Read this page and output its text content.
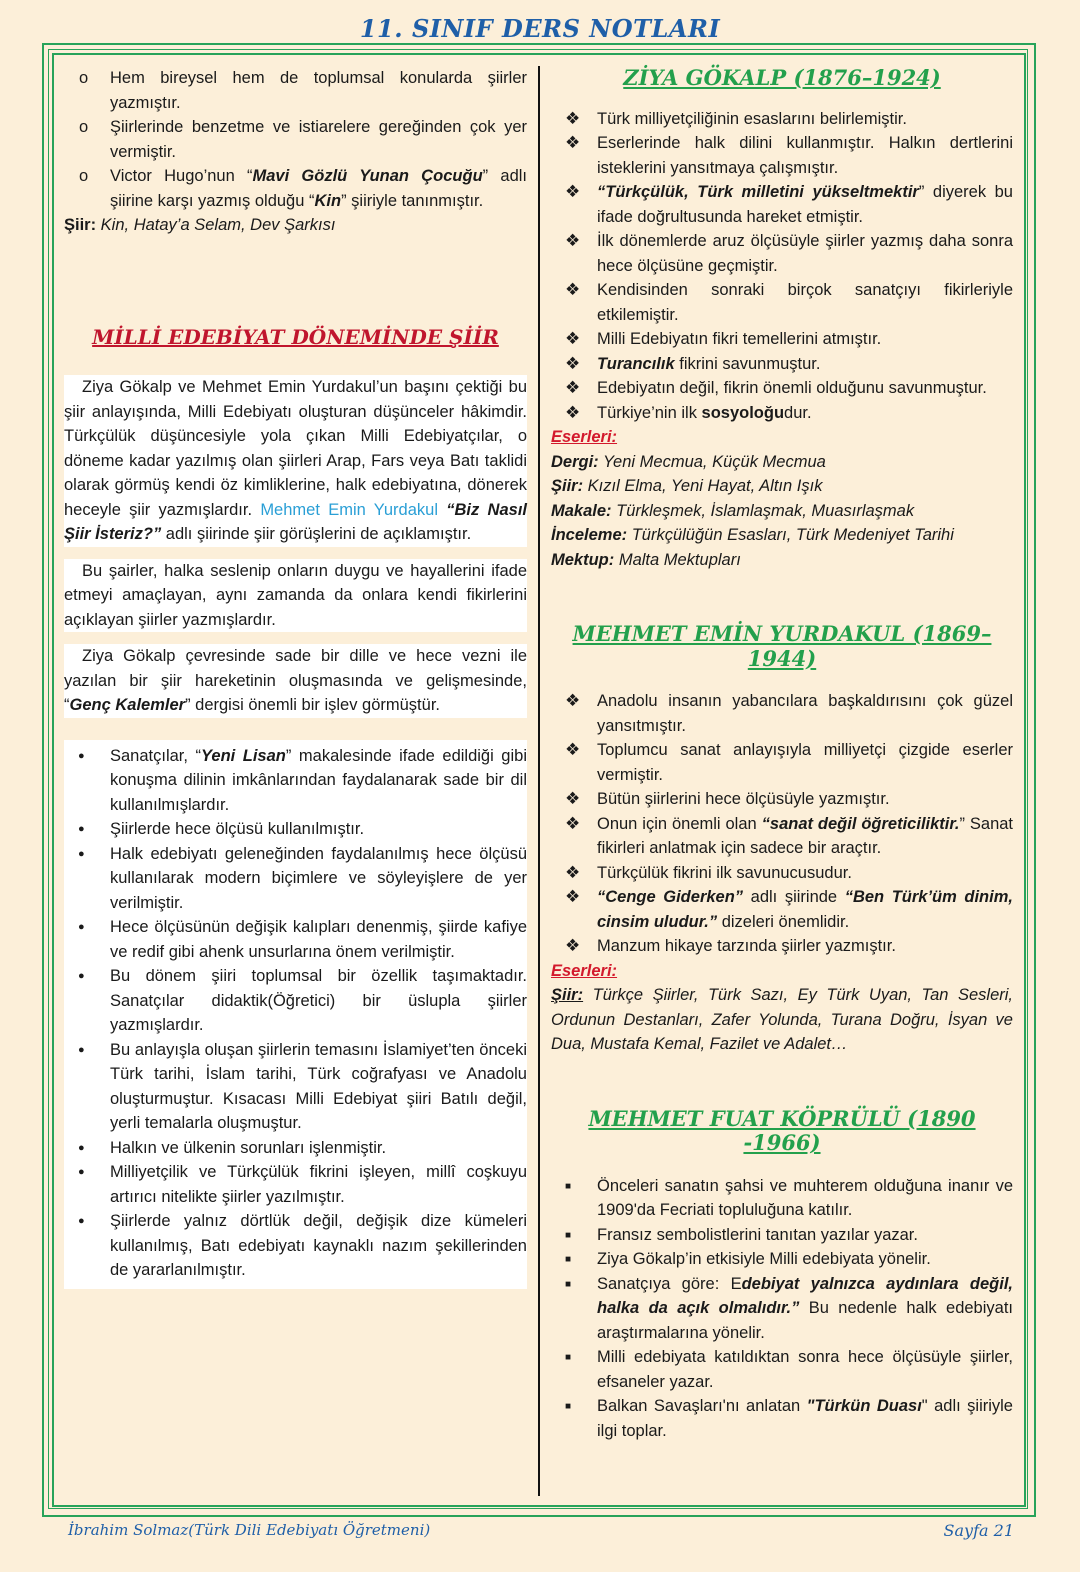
11. SINIF DERS NOTLARI
o Hem bireysel hem de toplumsal konularda şiirler yazmıştır.
o Şiirlerinde benzetme ve istiarelere gereğinden çok yer vermiştir.
o Victor Hugo’nun “Mavi Gözlü Yunan Çocuğu” adlı şiirine karşı yazmış olduğu “Kin” şiiriyle tanınmıştır.

Şiir: Kin, Hatay’a Selam, Dev Şarkısı

MİLLİ EDEBİYAT DÖNEMİNDE ŞİİR

Ziya Gökalp ve Mehmet Emin Yurdakul’un başını çektiği bu şiir anlayışında, Milli Edebiyatı oluşturan düşünceler hâkimdir. Türkçülük düşüncesiyle yola çıkan Milli Edebiyatçılar, o döneme kadar yazılmış olan şiirleri Arap, Fars veya Batı taklidi olarak görmüş kendi öz kimliklerine, halk edebiyatına, dönerek heceyle şiir yazmışlardır. Mehmet Emin Yurdakul “Biz Nasıl Şiir İsteriz?” adlı şiirinde şiir görüşlerini de açıklamıştır.

Bu şairler, halka seslenip onların duygu ve hayallerini ifade etmeyi amaçlayan, aynı zamanda da onlara kendi fikirlerini açıklayan şiirler yazmışlardır.

Ziya Gökalp çevresinde sade bir dille ve hece vezni ile yazılan bir şiir hareketinin oluşmasında ve gelişmesinde, “Genç Kalemler” dergisi önemli bir işlev görmüştür.

● Sanatçılar, “Yeni Lisan” makalesinde ifade edildiği gibi konuşma dilinin imkânlarından faydalanarak sade bir dil kullanılmışlardır.
● Şiirlerde hece ölçüsü kullanılmıştır.
● Halk edebiyatı geleneğinden faydalanılmış hece ölçüsü kullanılarak modern biçimlere ve söyleyişlere de yer verilmiştir.
● Hece ölçüsünün değişik kalıpları denenmiş, şiirde kafiye ve redif gibi ahenk unsurlarına önem verilmiştir.
● Bu dönem şiiri toplumsal bir özellik taşımaktadır. Sanatçılar didaktik(Öğretici) bir üslupla şiirler yazmışlardır.
● Bu anlayışla oluşan şiirlerin temasını İslamiyet’ten önceki Türk tarihi, İslam tarihi, Türk coğrafyası ve Anadolu oluşturmuştur. Kısacası Milli Edebiyat şiiri Batılı değil, yerli temalarla oluşmuştur.
● Halkın ve ülkenin sorunları işlenmiştir.
● Milliyetçilik ve Türkçülük fikrini işleyen, millî coşkuyu artırıcı nitelikte şiirler yazılmıştır.
● Şiirlerde yalnız dörtlük değil, değişik dize kümeleri kullanılmış, Batı edebiyatı kaynaklı nazım şekillerinden de yararlanılmıştır.
ZİYA GÖKALP (1876–1924)
❖ Türk milliyetçiliğinin esaslarını belirlemiştir.
❖ Eserlerinde halk dilini kullanmıştır. Halkın dertlerini isteklerini yansıtmaya çalışmıştır.
❖ “Türkçülük, Türk milletini yükseltmektir” diyerek bu ifade doğrultusunda hareket etmiştir.
❖ İlk dönemlerde aruz ölçüsüyle şiirler yazmış daha sonra hece ölçüsüne geçmiştir.
❖ Kendisinden sonraki birçok sanatçıyı fikirleriyle etkilemiştir.
❖ Milli Edebiyatın fikri temellerini atmıştır.
❖ Turancılık fikrini savunmuştur.
❖ Edebiyatın değil, fikrin önemli olduğunu savunmuştur.
❖ Türkiye’nin ilk sosyoloğudur.

Eserleri:

Dergi: Yeni Mecmua, Küçük Mecmua

Şiir: Kızıl Elma, Yeni Hayat, Altın Işık

Makale: Türkleşmek, İslamlaşmak, Muasırlaşmak

İnceleme: Türkçülüğün Esasları, Türk Medeniyet Tarihi

Mektup: Malta Mektupları

MEHMET EMİN YURDAKUL (1869–1944)
❖ Anadolu insanın yabancılara başkaldırısını çok güzel yansıtmıştır.
❖ Toplumcu sanat anlayışıyla milliyetçi çizgide eserler vermiştir.
❖ Bütün şiirlerini hece ölçüsüyle yazmıştır.
❖ Onun için önemli olan “sanat değil öğreticiliktir.” Sanat fikirleri anlatmak için sadece bir araçtır.
❖ Türkçülük fikrini ilk savunucusudur.
❖ “Cenge Giderken” adlı şiirinde “Ben Türk’üm dinim, cinsim uludur.” dizeleri önemlidir.
❖ Manzum hikaye tarzında şiirler yazmıştır.

Eserleri:

Şiir: Türkçe Şiirler, Türk Sazı, Ey Türk Uyan, Tan Sesleri, Ordunun Destanları, Zafer Yolunda, Turana Doğru, İsyan ve Dua, Mustafa Kemal, Fazilet ve Adalet…

MEHMET FUAT KÖPRÜLÜ (1890 -1966)
■ Önceleri sanatın şahsi ve muhterem olduğuna inanır ve 1909'da Fecriati topluluğuna katılır.
■ Fransız sembolistlerini tanıtan yazılar yazar.
■ Ziya Gökalp’in etkisiyle Milli edebiyata yönelir.
■ Sanatçıya göre: Edebiyat yalnızca aydınlara değil, halka da açık olmalıdır.” Bu nedenle halk edebiyatı araştırmalarına yönelir.
■ Milli edebiyata katıldıktan sonra hece ölçüsüyle şiirler, efsaneler yazar.
■ Balkan Savaşları'nı anlatan "Türkün Duası" adlı şiiriyle ilgi toplar.
İbrahim Solmaz(Türk Dili Edebiyatı Öğretmeni)	Sayfa 21
